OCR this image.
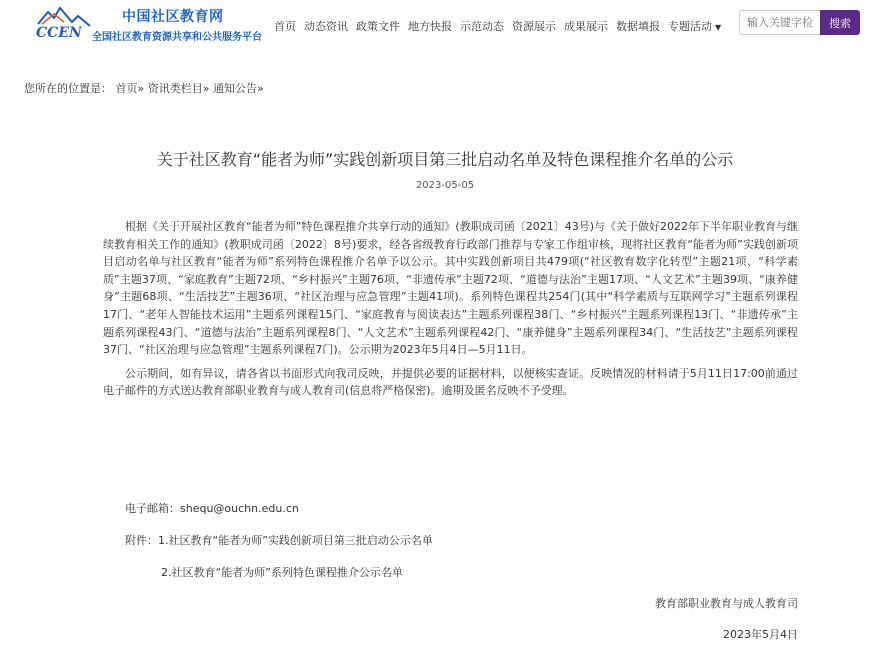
CCEN
中国社区教育网
全国社区教育资源共享和公共服务平台
首页 动态资讯 政策文件 地方快报 示范动态 资源展示 成果展示 数据填报 专题活动 ▼
输入关键字检	搜索
您所在的位置是： 首页» 资讯类栏目» 通知公告»
关于社区教育“能者为师”实践创新项目第三批启动名单及特色课程推介名单的公示
2023-05-05

根据《关于开展社区教育“能者为师”特色课程推介共享行动的通知》(教职成司函〔2021〕43号)与《关于做好2022年下半年职业教育与继续教育相关工作的通知》(教职成司函〔2022〕8号)要求，经各省级教育行政部门推荐与专家工作组审核，现将社区教育“能者为师”实践创新项目启动名单与社区教育“能者为师”系列特色课程推介名单予以公示。其中实践创新项目共479项(“社区教育数字化转型”主题21项、“科学素质”主题37项、“家庭教育”主题72项、“乡村振兴”主题76项、“非遗传承”主题72项、“道德与法治”主题17项、“人文艺术”主题39项、“康养健身”主题68项、“生活技艺”主题36项、“社区治理与应急管理”主题41项)。系列特色课程共254门(其中“科学素质与互联网学习”主题系列课程17门、“老年人智能技术运用”主题系列课程15门、“家庭教育与阅读表达”主题系列课程38门、“乡村振兴”主题系列课程13门、“非遗传承”主题系列课程43门、“道德与法治”主题系列课程8门、“人文艺术”主题系列课程42门、“康养健身”主题系列课程34门、“生活技艺”主题系列课程37门、“社区治理与应急管理”主题系列课程7门)。公示期为2023年5月4日—5月11日。

公示期间，如有异议，请各省以书面形式向我司反映，并提供必要的证据材料，以便核实查证。反映情况的材料请于5月11日17:00前通过电子邮件的方式送达教育部职业教育与成人教育司(信息将严格保密)。逾期及匿名反映不予受理。

电子邮箱：shequ@ouchn.edu.cn
附件：1.社区教育“能者为师”实践创新项目第三批启动公示名单
2.社区教育“能者为师”系列特色课程推介公示名单
教育部职业教育与成人教育司
2023年5月4日
